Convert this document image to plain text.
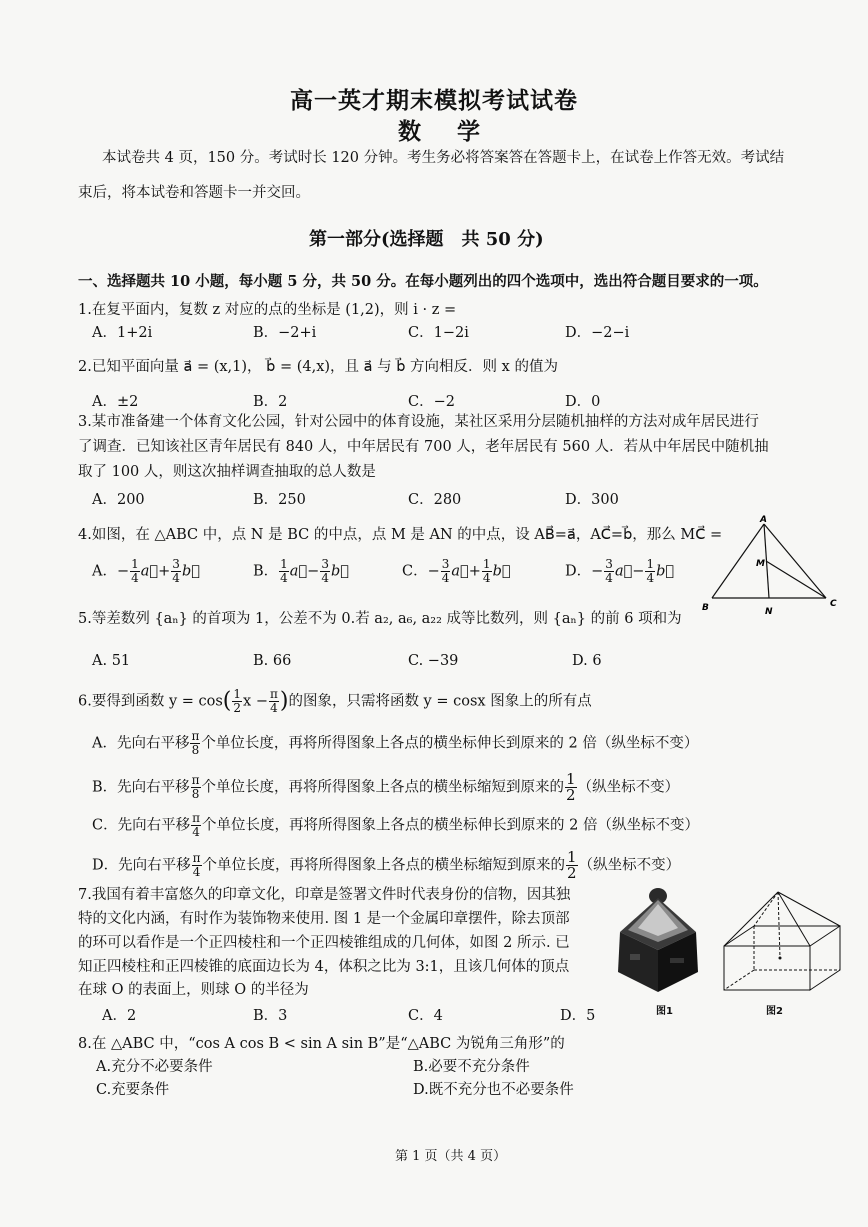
高一英才期末模拟考试试卷
数 学
本试卷共 4 页，150 分。考试时长 120 分钟。考生务必将答案答在答题卡上，在试卷上作答无效。考试结
束后，将本试卷和答题卡一并交回。
第一部分(选择题　共 50 分)
一、选择题共 10 小题，每小题 5 分，共 50 分。在每小题列出的四个选项中，选出符合题目要求的一项。
1.在复平面内，复数 z 对应的点的坐标是 (1,2)，则 i · z =
A．1+2i	B．−2+i	C．1−2i	D．−2−i
2.已知平面向量 a⃗ = (x,1)， b⃗ = (4,x)，且 a⃗ 与 b⃗ 方向相反．则 x 的值为
A．±2	B．2	C．−2	D．0
3.某市准备建一个体育文化公园，针对公园中的体育设施，某社区采用分层随机抽样的方法对成年居民进行
了调查．已知该社区青年居民有 840 人，中年居民有 700 人，老年居民有 560 人．若从中年居民中随机抽
取了 100 人，则这次抽样调查抽取的总人数是
A．200	B．250	C．280	D．300
4.如图，在 △ABC 中，点 N 是 BC 的中点，点 M 是 AN 的中点，设 AB⃗=a⃗，AC⃗=b⃗，那么 MC⃗ =
A．− $\frac{1}{4}$ a⃗+ $\frac{3}{4}$ b⃗	B． $\frac{1}{4}$ a⃗− $\frac{3}{4}$ b⃗	C．− $\frac{3}{4}$ a⃗+ $\frac{1}{4}$ b⃗	D．− $\frac{3}{4}$ a⃗− $\frac{1}{4}$ b⃗
A
B	C
M
N
5.等差数列 {aₙ} 的首项为 1，公差不为 0.若 a₂, a₆, a₂₂ 成等比数列，则 {aₙ} 的前 6 项和为
A. 51	B. 66	C. −39	D. 6
6.要得到函数 $y = \cos( \frac{1}{2}$ $x - \frac{\pi}{4}$ )的图象，只需将函数 y = cosx 图象上的所有点
A．先向右平移 $\frac{\pi}{8}$ 个单位长度，再将所得图象上各点的横坐标伸长到原来的 2 倍（纵坐标不变）
B．先向右平移 $\frac{\pi}{8}$ 个单位长度，再将所得图象上各点的横坐标缩短到原来的 $\frac{1}{2}$ （纵坐标不变）
C．先向右平移 $\frac{\pi}{4}$ 个单位长度，再将所得图象上各点的横坐标伸长到原来的 2 倍（纵坐标不变）
D．先向右平移 $\frac{\pi}{4}$ 个单位长度，再将所得图象上各点的横坐标缩短到原来的 $\frac{1}{2}$ （纵坐标不变）
7.我国有着丰富悠久的印章文化，印章是签署文件时代表身份的信物，因其独
特的文化内涵，有时作为装饰物来使用. 图 1 是一个金属印章摆件，除去顶部
的环可以看作是一个正四棱柱和一个正四棱锥组成的几何体，如图 2 所示. 已
知正四棱柱和正四棱锥的底面边长为 4，体积之比为 3:1，且该几何体的顶点
在球 O 的表面上，则球 O 的半径为
A．2	B．3	C．4	D．5	图1	图2
8.在 △ABC 中，“cos A cos B < sin A sin B”是“△ABC 为锐角三角形”的
A.充分不必要条件	B.必要不充分条件
C.充要条件	D.既不充分也不必要条件
第 1 页（共 4 页）
